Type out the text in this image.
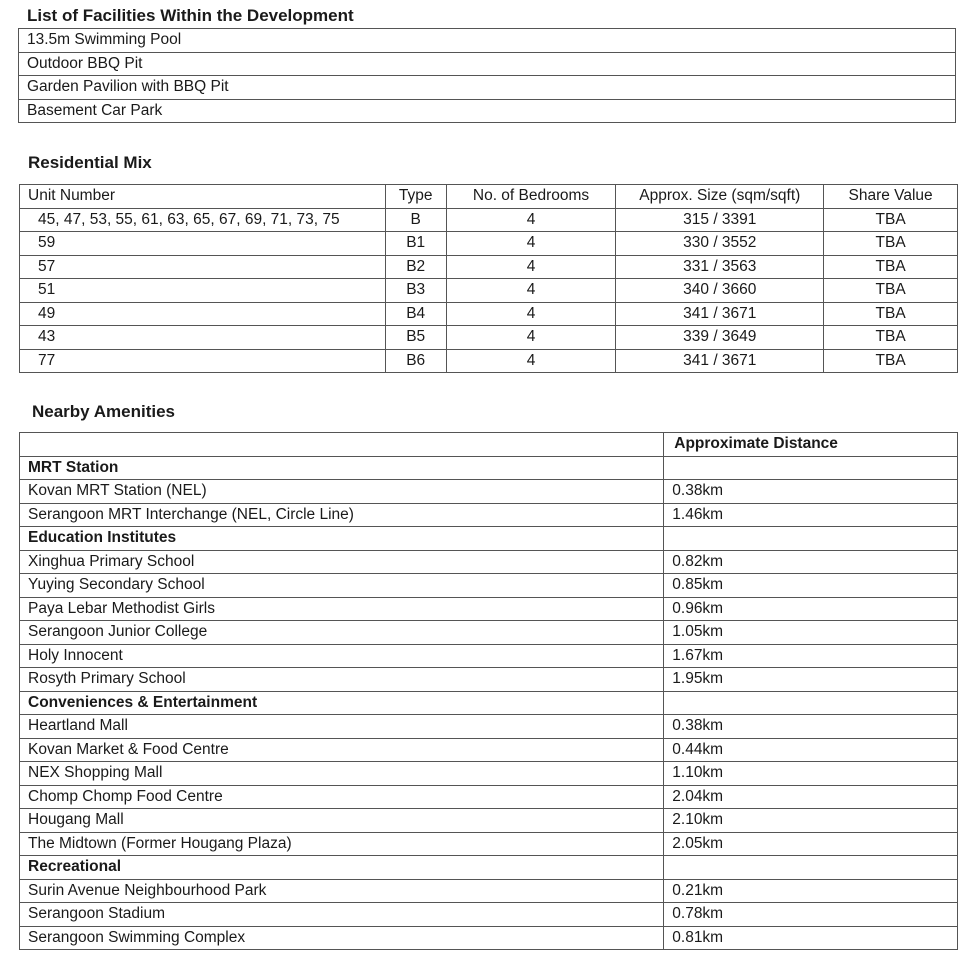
List of Facilities Within the Development
13.5m Swimming Pool
Outdoor BBQ Pit
Garden Pavilion with BBQ Pit
Basement Car Park
Residential Mix
Unit Number	Type	No. of Bedrooms	Approx. Size (sqm/sqft)	Share Value
45, 47, 53, 55, 61, 63, 65, 67, 69, 71, 73, 75	B	4	315 / 3391	TBA
59	B1	4	330 / 3552	TBA
57	B2	4	331 / 3563	TBA
51	B3	4	340 / 3660	TBA
49	B4	4	341 / 3671	TBA
43	B5	4	339 / 3649	TBA
77	B6	4	341 / 3671	TBA
Nearby Amenities
	Approximate Distance
MRT Station	
Kovan MRT Station (NEL)	0.38km
Serangoon MRT Interchange (NEL, Circle Line)	1.46km
Education Institutes	
Xinghua Primary School	0.82km
Yuying Secondary School	0.85km
Paya Lebar Methodist Girls	0.96km
Serangoon Junior College	1.05km
Holy Innocent	1.67km
Rosyth Primary School	1.95km
Conveniences & Entertainment	
Heartland Mall	0.38km
Kovan Market & Food Centre	0.44km
NEX Shopping Mall	1.10km
Chomp Chomp Food Centre	2.04km
Hougang Mall	2.10km
The Midtown (Former Hougang Plaza)	2.05km
Recreational	
Surin Avenue Neighbourhood Park	0.21km
Serangoon Stadium	0.78km
Serangoon Swimming Complex	0.81km
